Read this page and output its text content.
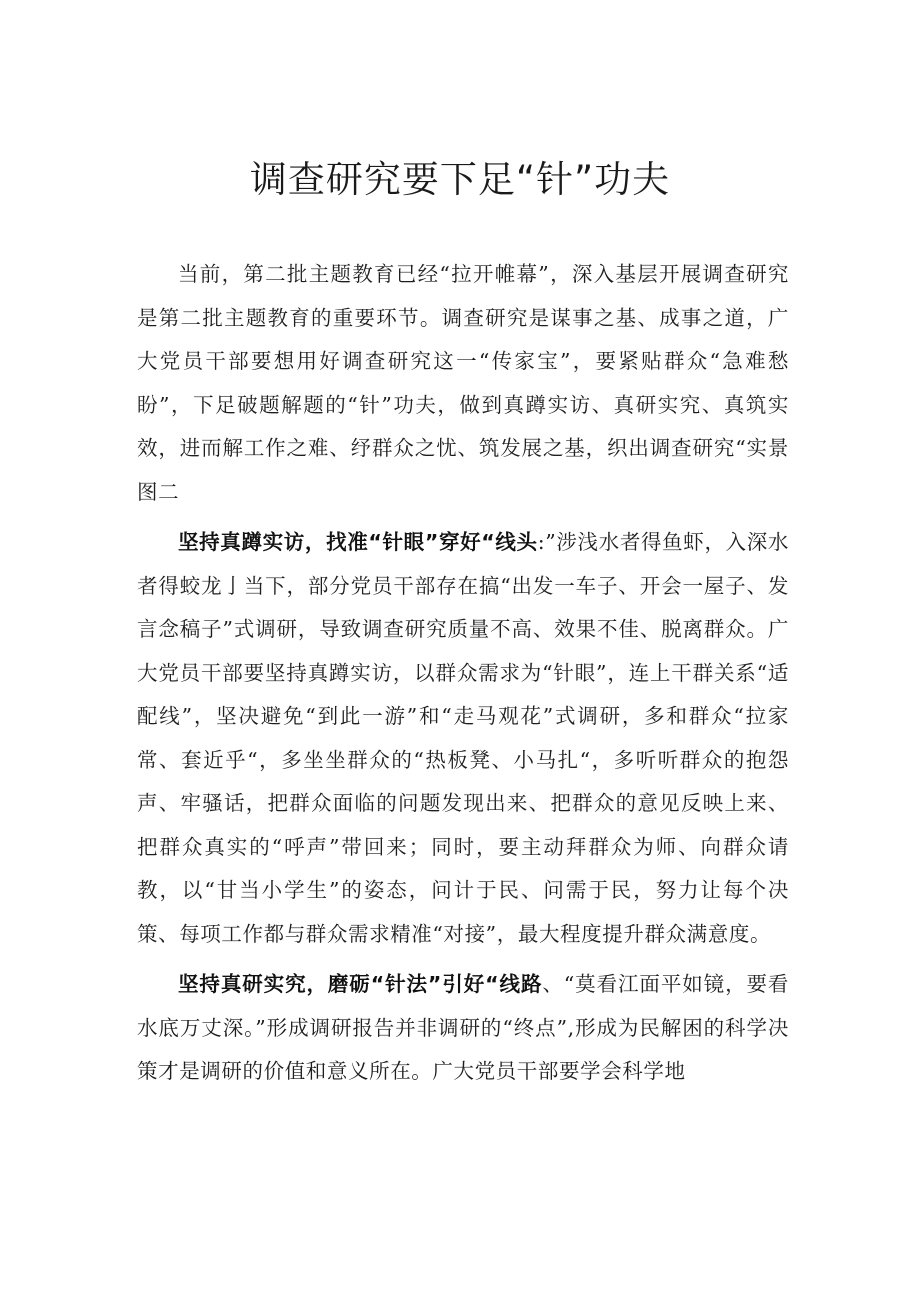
调查研究要下足“针”功夫

当前，第二批主题教育已经“拉开帷幕”，深入基层开展调查研究是第二批主题教育的重要环节。调查研究是谋事之基、成事之道，广大党员干部要想用好调查研究这一“传家宝”，要紧贴群众“急难愁盼”，下足破题解题的“针”功夫，做到真蹲实访、真研实究、真筑实效，进而解工作之难、纾群众之忧、筑发展之基，织出调查研究“实景图二

坚持真蹲实访，找准“针眼”穿好“线头:”涉浅水者得鱼虾，入深水者得蛟龙亅当下，部分党员干部存在搞“出发一车子、开会一屋子、发言念稿子”式调研，导致调查研究质量不高、效果不佳、脱离群众。广大党员干部要坚持真蹲实访，以群众需求为“针眼”，连上干群关系“适配线”，坚决避免“到此一游”和“走马观花”式调研，多和群众“拉家常、套近乎“，多坐坐群众的“热板凳、小马扎“，多听听群众的抱怨声、牢骚话，把群众面临的问题发现出来、把群众的意见反映上来、把群众真实的“呼声”带回来；同时，要主动拜群众为师、向群众请教，以“甘当小学生”的姿态，问计于民、问需于民，努力让每个决策、每项工作都与群众需求精准“对接”，最大程度提升群众满意度。

坚持真研实究，磨砺“针法”引好“线路、“莫看江面平如镜，要看水底万丈深。”形成调研报告并非调研的“终点”,形成为民解困的科学决策才是调研的价值和意义所在。广大党员干部要学会科学地
